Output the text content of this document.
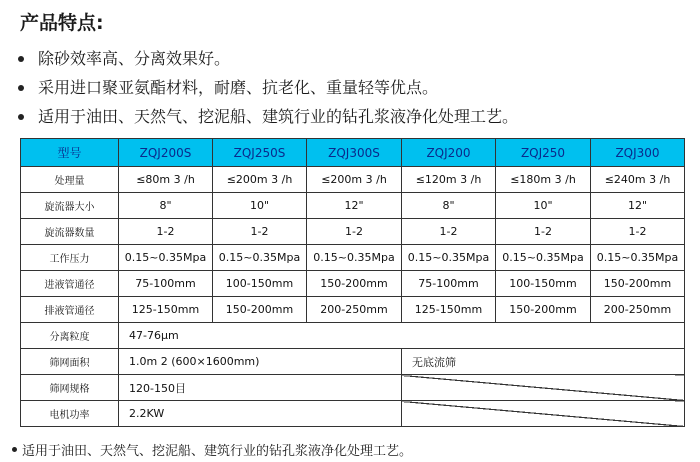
产品特点:
除砂效率高、分离效果好。
采用进口聚亚氨酯材料，耐磨、抗老化、重量轻等优点。
适用于油田、天然气、挖泥船、建筑行业的钻孔浆液净化处理工艺。
型号	ZQJ200S	ZQJ250S	ZQJ300S	ZQJ200	ZQJ250	ZQJ300
处理量	≤80m 3 /h	≤200m 3 /h	≤200m 3 /h	≤120m 3 /h	≤180m 3 /h	≤240m 3 /h
旋流器大小	8"	10"	12"	8"	10"	12"
旋流器数量	1-2	1-2	1-2	1-2	1-2	1-2
工作压力	0.15~0.35Mpa	0.15~0.35Mpa	0.15~0.35Mpa	0.15~0.35Mpa	0.15~0.35Mpa	0.15~0.35Mpa
进液管通径	75-100mm	100-150mm	150-200mm	75-100mm	100-150mm	150-200mm
排液管通径	125-150mm	150-200mm	200-250mm	125-150mm	150-200mm	200-250mm
分离粒度	47-76μm					
筛网面积	1.0m 2 (600×1600mm)			无底流筛		
筛网规格	120-150目					
电机功率	2.2KW					
适用于油田、天然气、挖泥船、建筑行业的钻孔浆液净化处理工艺。
